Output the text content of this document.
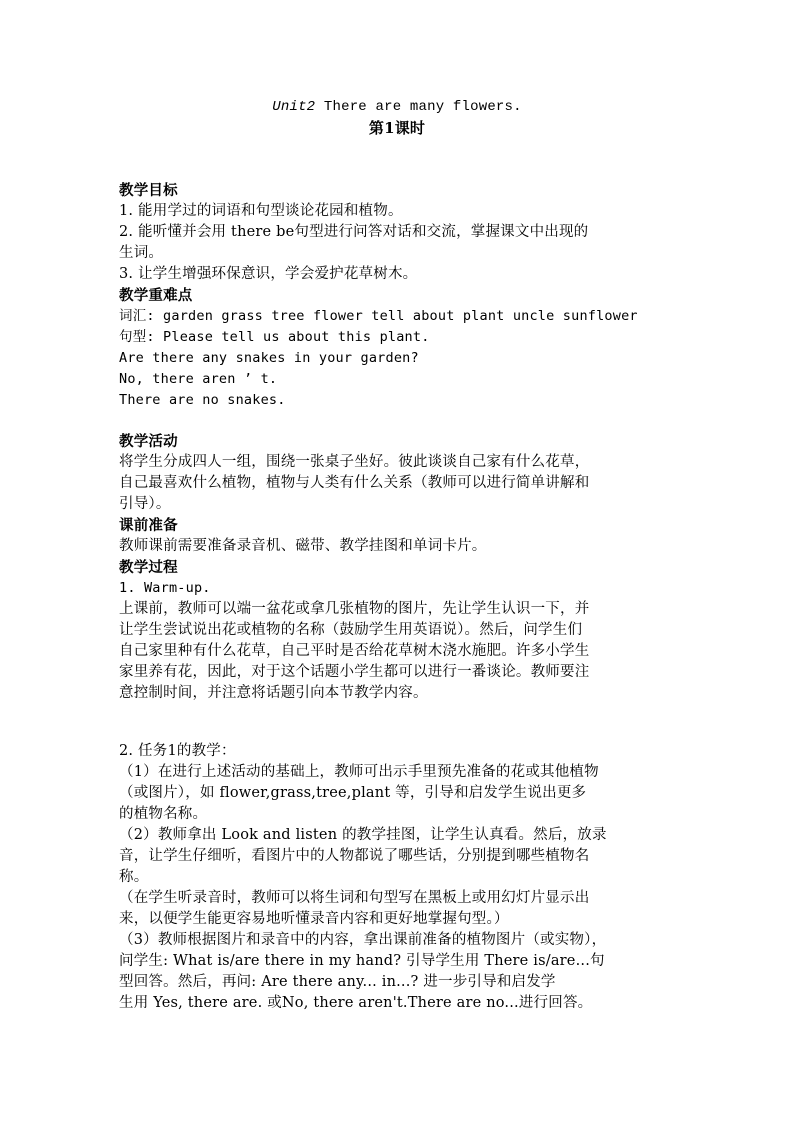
Unit2 There are many flowers.
第1课时
教学目标
1. 能用学过的词语和句型谈论花园和植物。
2. 能听懂并会用 there be句型进行问答对话和交流，掌握课文中出现的
生词。
3. 让学生增强环保意识，学会爱护花草树木。
教学重难点
词汇: garden grass tree flower tell about plant uncle sunflower
句型: Please tell us about this plant.
Are there any snakes in your garden?
No, there aren ’ t.
There are no snakes.
教学活动
将学生分成四人一组，围绕一张桌子坐好。彼此谈谈自己家有什么花草，
自己最喜欢什么植物，植物与人类有什么关系（教师可以进行简单讲解和
引导）。
课前准备
教师课前需要准备录音机、磁带、教学挂图和单词卡片。
教学过程
1. Warm-up.
上课前，教师可以端一盆花或拿几张植物的图片，先让学生认识一下，并
让学生尝试说出花或植物的名称（鼓励学生用英语说）。然后，问学生们
自己家里种有什么花草，自己平时是否给花草树木浇水施肥。许多小学生
家里养有花，因此，对于这个话题小学生都可以进行一番谈论。教师要注
意控制时间，并注意将话题引向本节教学内容。
2. 任务1的教学：
（1）在进行上述活动的基础上，教师可出示手里预先准备的花或其他植物
（或图片），如 flower,grass,tree,plant 等，引导和启发学生说出更多
的植物名称。
（2）教师拿出 Look and listen 的教学挂图，让学生认真看。然后，放录
音，让学生仔细听，看图片中的人物都说了哪些话，分别提到哪些植物名
称。
（在学生听录音时，教师可以将生词和句型写在黑板上或用幻灯片显示出
来，以便学生能更容易地听懂录音内容和更好地掌握句型。）
（3）教师根据图片和录音中的内容，拿出课前准备的植物图片（或实物），
问学生: What is/are there in my hand? 引导学生用 There is/are...句
型回答。然后，再问: Are there any... in...? 进一步引导和启发学
生用 Yes, there are. 或No, there aren't.There are no...进行回答。
